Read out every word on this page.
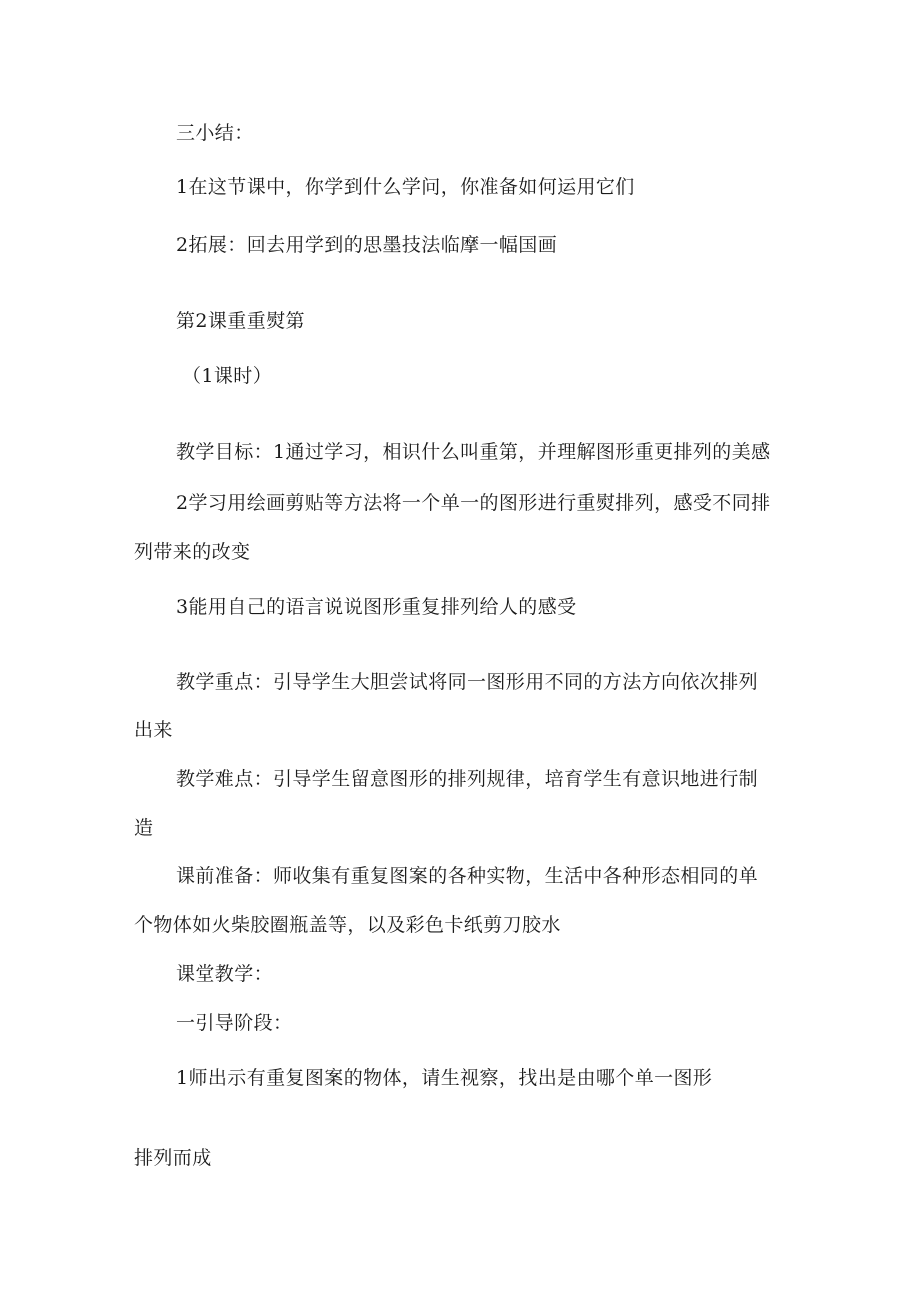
三小结：
1在这节课中，你学到什么学问，你准备如何运用它们
2拓展：回去用学到的思墨技法临摩一幅国画
第2课重重熨第
（1课时）
教学目标：1通过学习，相识什么叫重第，并理解图形重更排列的美感
2学习用绘画剪贴等方法将一个单一的图形进行重熨排列，感受不同排
列带来的改变
3能用自己的语言说说图形重复排列给人的感受
教学重点：引导学生大胆尝试将同一图形用不同的方法方向依次排列
出来
教学难点：引导学生留意图形的排列规律，培育学生有意识地进行制
造
课前准备：师收集有重复图案的各种实物，生活中各种形态相同的单
个物体如火柴胶圈瓶盖等，以及彩色卡纸剪刀胶水
课堂教学：
一引导阶段：
1师出示有重复图案的物体，请生视察，找出是由哪个单一图形
排列而成
